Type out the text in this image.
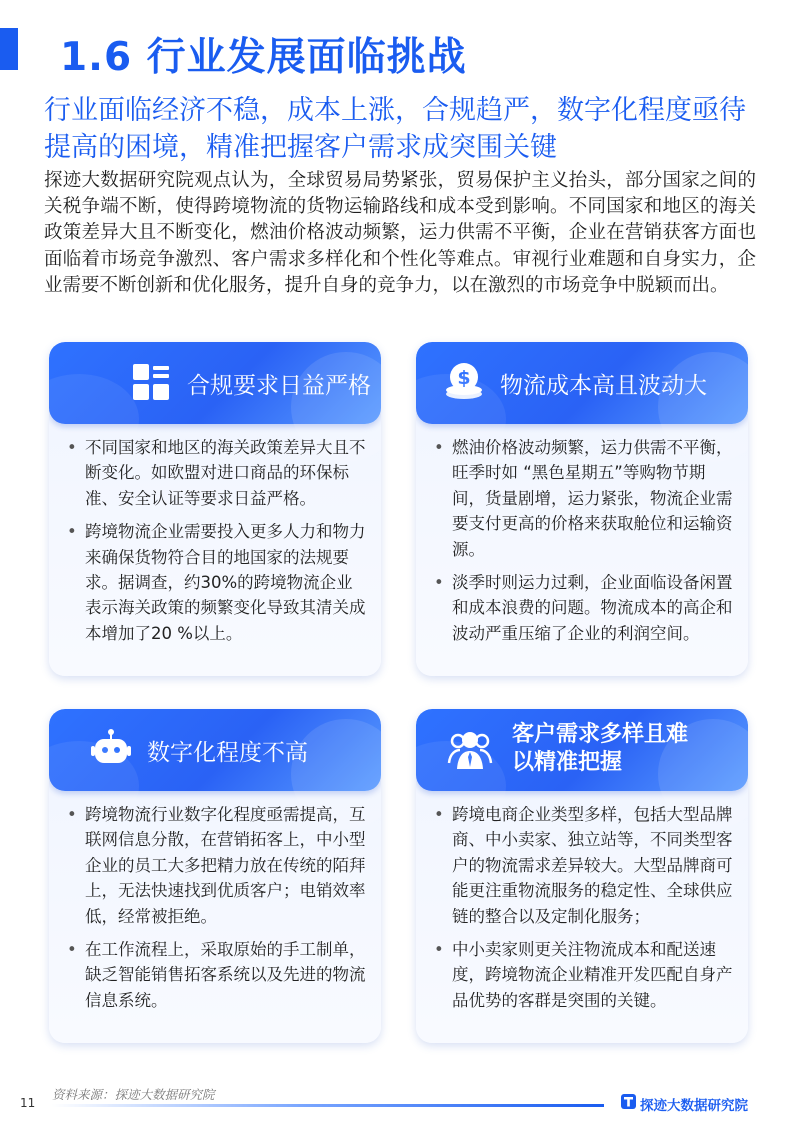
1.6 行业发展面临挑战
行业面临经济不稳，成本上涨，合规趋严，数字化程度亟待提高的困境，精准把握客户需求成突围关键
探迹大数据研究院观点认为，全球贸易局势紧张，贸易保护主义抬头，部分国家之间的关税争端不断，使得跨境物流的货物运输路线和成本受到影响。不同国家和地区的海关政策差异大且不断变化，燃油价格波动频繁，运力供需不平衡，企业在营销获客方面也面临着市场竞争激烈、客户需求多样化和个性化等难点。审视行业难题和自身实力，企业需要不断创新和优化服务，提升自身的竞争力，以在激烈的市场竞争中脱颖而出。
合规要求日益严格
• 不同国家和地区的海关政策差异大且不断变化。如欧盟对进口商品的环保标准、安全认证等要求日益严格。
• 跨境物流企业需要投入更多人力和物力来确保货物符合目的地国家的法规要求。据调查，约30%的跨境物流企业表示海关政策的频繁变化导致其清关成本增加了20 %以上。
$ 物流成本高且波动大
• 燃油价格波动频繁，运力供需不平衡，旺季时如 “黑色星期五”等购物节期间，货量剧增，运力紧张，物流企业需要支付更高的价格来获取舱位和运输资源。
• 淡季时则运力过剩，企业面临设备闲置和成本浪费的问题。物流成本的高企和波动严重压缩了企业的利润空间。
数字化程度不高
• 跨境物流行业数字化程度亟需提高，互联网信息分散，在营销拓客上，中小型企业的员工大多把精力放在传统的陌拜上，无法快速找到优质客户；电销效率低，经常被拒绝。
• 在工作流程上，采取原始的手工制单，缺乏智能销售拓客系统以及先进的物流信息系统。
客户需求多样且难
以精准把握
• 跨境电商企业类型多样，包括大型品牌商、中小卖家、独立站等，不同类型客户的物流需求差异较大。大型品牌商可能更注重物流服务的稳定性、全球供应链的整合以及定制化服务；
• 中小卖家则更关注物流成本和配送速度，跨境物流企业精准开发匹配自身产品优势的客群是突围的关键。
资料来源：探迹大数据研究院
11	探迹大数据研究院
